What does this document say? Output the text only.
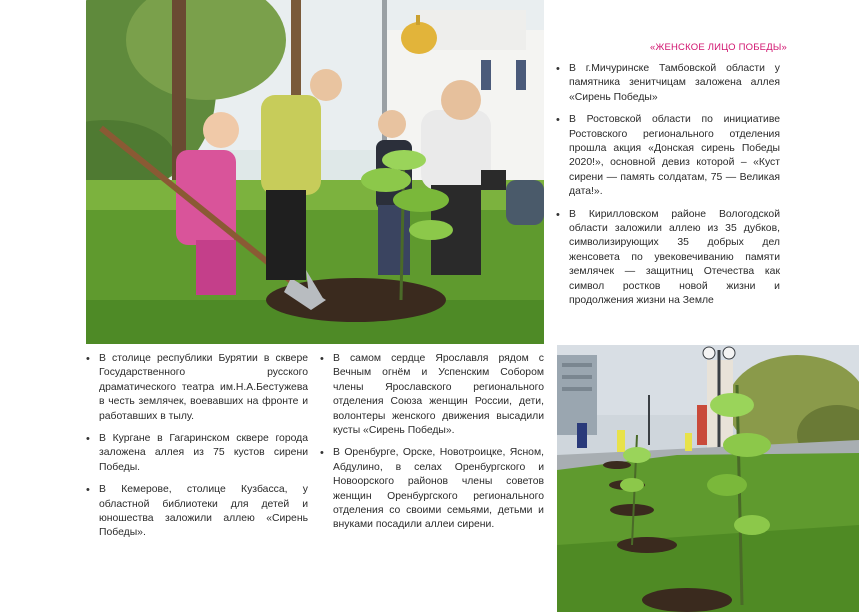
«ЖЕНСКОЕ ЛИЦО ПОБЕДЫ»
• В г.Мичуринске Тамбовской области у памятника зенитчицам заложена аллея «Сирень Победы»
• В Ростовской области по инициативе Ростовского регионального отделения прошла акция «Донская сирень Победы 2020!», основной девиз которой – «Куст сирени — память солдатам, 75 — Великая дата!».
• В Кирилловском районе Вологодской области заложили аллею из 35 дубков, символизирующих 35 добрых дел женсовета по увековечиванию памяти землячек — защитниц Отечества как символ ростков новой жизни и продолжения жизни на Земле
• В столице республики Бурятии в сквере Государственного русского драматического театра им.Н.А.Бестужева в честь землячек, воевавших на фронте и работавших в тылу.
• В Кургане в Гагаринском сквере города заложена аллея из 75 кустов сирени Победы.
• В Кемерове, столице Кузбасса, у областной библиотеки для детей и юношества заложили аллею «Сирень Победы».
• В самом сердце Ярославля рядом с Вечным огнём и Успенским Собором члены Ярославского регионального отделения Союза женщин России, дети, волонтеры женского движения высадили кусты «Сирень Победы».
• В Оренбурге, Орске, Новотроицке, Ясном, Абдулино, в селах Оренбургского и Новоорского районов члены советов женщин Оренбургского регионального отделения со своими семьями, детьми и внуками посадили аллеи сирени.
